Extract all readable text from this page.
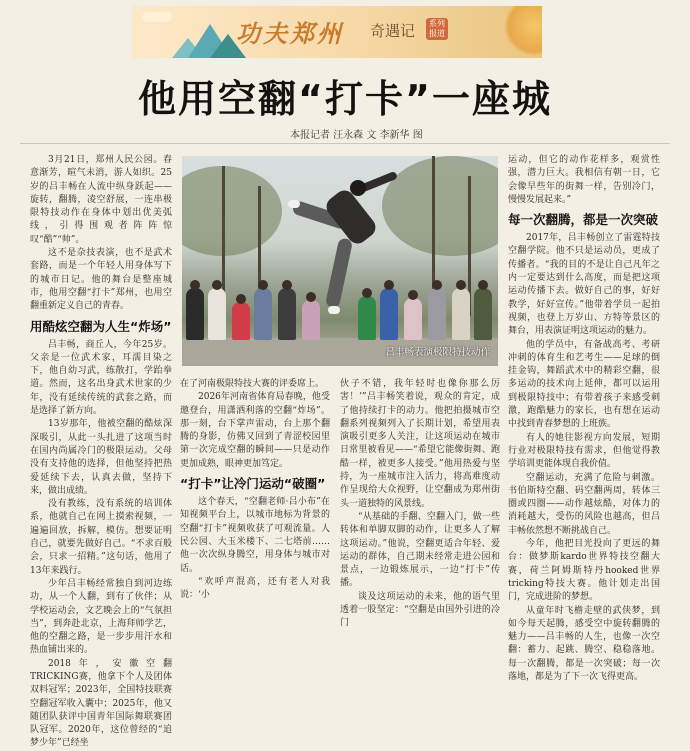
功夫郑州 奇遇记	系列报道
他用空翻“打卡”一座城
本报记者 汪永森 文 李新华 图

3月21日，郑州人民公园。春意渐芳，暄气未消，游人如织。25岁的吕丰畅在人流中纵身跃起——旋转，翻腾，凌空舒展，一连串极限特技动作在身体中划出优美弧线，引得围观者阵阵惊叹“酷”“帅”。

这不是杂技表演，也不是武术套路，而是一个年轻人用身体写下的城市日记。他的舞台是整座城市，他用空翻“打卡”郑州，也用空翻重新定义自己的青春。

用酷炫空翻为人生“炸场”

吕丰畅，商丘人，今年25岁。父亲是一位武术家，耳濡目染之下，他自幼习武，练散打，学跆拳道。然而，这名出身武术世家的少年，没有延续传统的武套之路，而是选择了新方向。

13岁那年，他被空翻的酷炫深深吸引，从此一头扎进了这项当时在国内尚属冷门的极限运动。父母没有支持他的选择，但他坚持把热爱延续下去，认真去做，坚持下来，做出成绩。

没有教练，没有系统的培训体系，他就自己在网上摸索视频，一遍遍回放，拆解，模仿。想要证明自己，就要先做好自己。“不求百般会，只求一招精。”这句话，他用了13年来践行。

少年吕丰畅经常独自到河边练功，从一个人翻，到有了伙伴；从学校运动会，文艺晚会上的“气氛担当”，到奔赴北京，上海拜师学艺，他的空翻之路，是一步步用汗水和热血铺出来的。

2018年，安徽空翻TRICKING赛，他拿下个人及团体双料冠军；2023年，全国特技联赛空翻冠军收入囊中；2025年，他又随团队获评中国青年国际舞联赛团队冠军。2020年，这位曾经的“追梦少年”已经坐

吕丰畅表演极限特技动作

在了河南极限特技大赛的评委席上。

2026年河南省体育局春晚，他受邀登台，用潇洒利落的空翻“炸场”。那一刻，台下掌声雷动，台上那个翻腾的身影，仿佛又回到了青涩校园里第一次完成空翻的瞬间——只是动作更加成熟，眼神更加笃定。

“打卡”让冷门运动“破圈”

这个春天，“空翻老师·吕小布”在知视频平台上，以城市地标为背景的空翻“打卡”视频收获了可观流量。人民公园、大玉米楼下、二七塔前……他一次次纵身腾空，用身体与城市对话。

“欢呼声混高，还有老人对我说：‘小

伙子不错，我年轻时也像你那么厉害！’”吕丰畅笑着说，观众的肯定，成了他持续打卡的动力。他把拍摄城市空翻系列视频列入了长期计划，希望用表演吸引更多人关注，让这项运动在城市日常里被看见——“希望它能像街舞、跑酷一样，被更多人接受。”他用热爱与坚持，为一座城市注入活力，将高难度动作呈现给大众视野，让空翻成为郑州街头一道独特的风景线。

“从基础的手翻、空翻入门，做一些转体和单脚双脚的动作，让更多人了解这项运动。”他说，空翻更适合年轻、爱运动的群体，自己期未经常走进公园和景点，一边锻炼展示，一边“打卡”传播。

谈及这项运动的未来，他的语气里透着一股坚定：“空翻是由国外引进的冷门

运动，但它的动作花样多，观赏性强，潜力巨大。我相信有朝一日，它会像早些年的街舞一样，告别冷门，慢慢发展起来。”

每一次翻腾，都是一次突破

2017年，吕丰畅创立了雷霆特技空翻学院。他不只是运动员，更成了传播者。“我的目的不是让自己凡年之内一定要达到什么高度，而是把这项运动传播下去。做好自己的事，好好教学，好好宣传。”他带着学员一起拍视频，也登上万岁山、方特等景区的舞台，用表演证明这项运动的魅力。

他的学员中，有备战高考、考研冲刺的体育生和艺考生——足球的倒挂金钩，舞蹈武术中的精彩空翻，很多运动的技术向上延伸，都可以运用到极限特技中；有带着孩子来感受刺激，跑酷魅力的家长，也有想在运动中找到青春梦想的上班族。

有人的她往影视方向发展，短期行业对极限特技有需求，但他觉得教学培训更能体现自我价值。

空翻运动，充满了危险与刺激。书伯斯特空翻、码空翻两周，转体三圈或四圈——动作越炫酷，对体力的消耗越大，受伤的风险也越高，但吕丰畅依然想不断挑战自己。

今年，他把目光投向了更远的舞台：做梦斯kardo世界特技空翻大赛，荷兰阿姆斯特丹hooked世界tricking特技大赛。他计划走出国门，完成进阶的梦想。

从童年时飞檐走壁的武侠梦，到如今每天起腾，感受空中旋转翻腾的魅力——吕丰畅的人生，也像一次空翻：蓄力、起跳、腾空、稳稳落地。每一次翻腾，都是一次突破；每一次落地，都是为了下一次飞得更高。
